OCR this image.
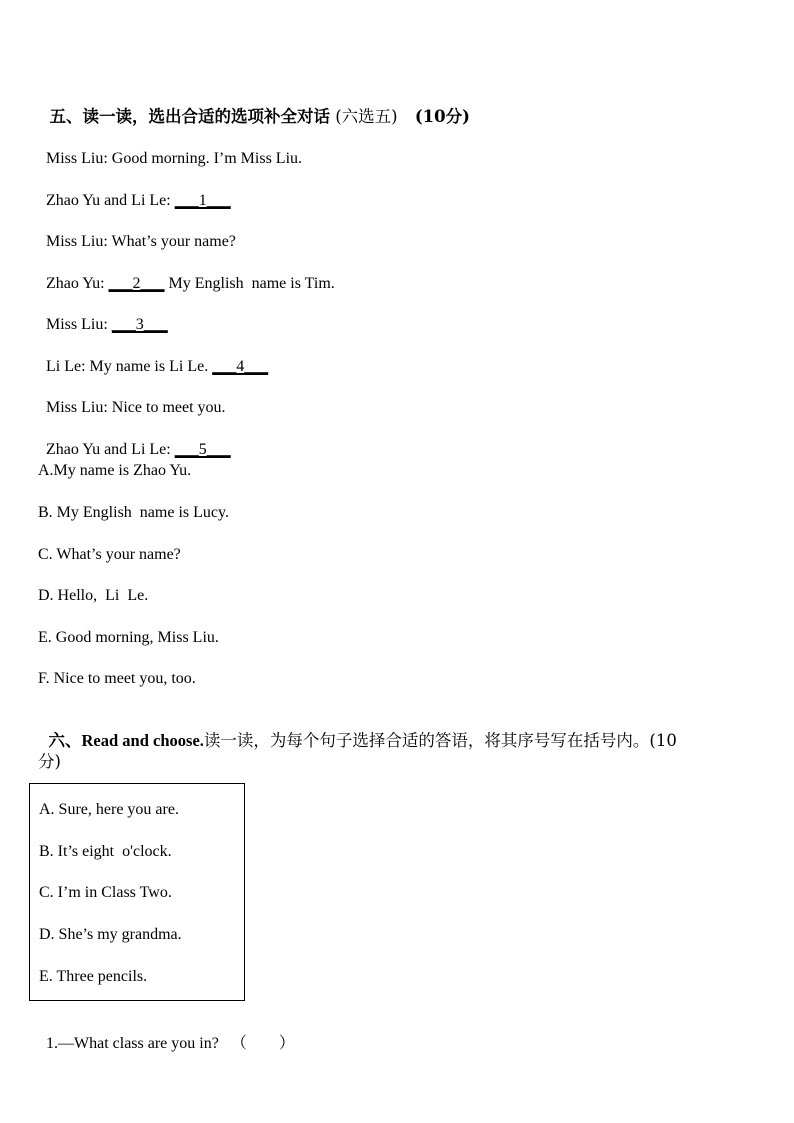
五、读一读，选出合适的选项补全对话 (六选五) (10分)

Miss Liu: Good morning. I’m Miss Liu.

Zhao Yu and Li Le: ___1___

Miss Liu: What’s your name?

Zhao Yu: ___2___ My English  name is Tim.

Miss Liu: ___3___

Li Le: My name is Li Le. ___4___

Miss Liu: Nice to meet you.

Zhao Yu and Li Le: ___5___

A.My name is Zhao Yu.
B. My English  name is Lucy.
C. What’s your name?
D. Hello,  Li  Le.
E. Good morning, Miss Liu.
F. Nice to meet you, too.

六、Read and choose.读一读，为每个句子选择合适的答语，将其序号写在括号内。(10

分)
A. Sure, here you are.
B. It’s eight  o'clock.
C. I’m in Class Two.
D. She’s my grandma.
E. Three pencils.

1.—What class are you in? （        ）
